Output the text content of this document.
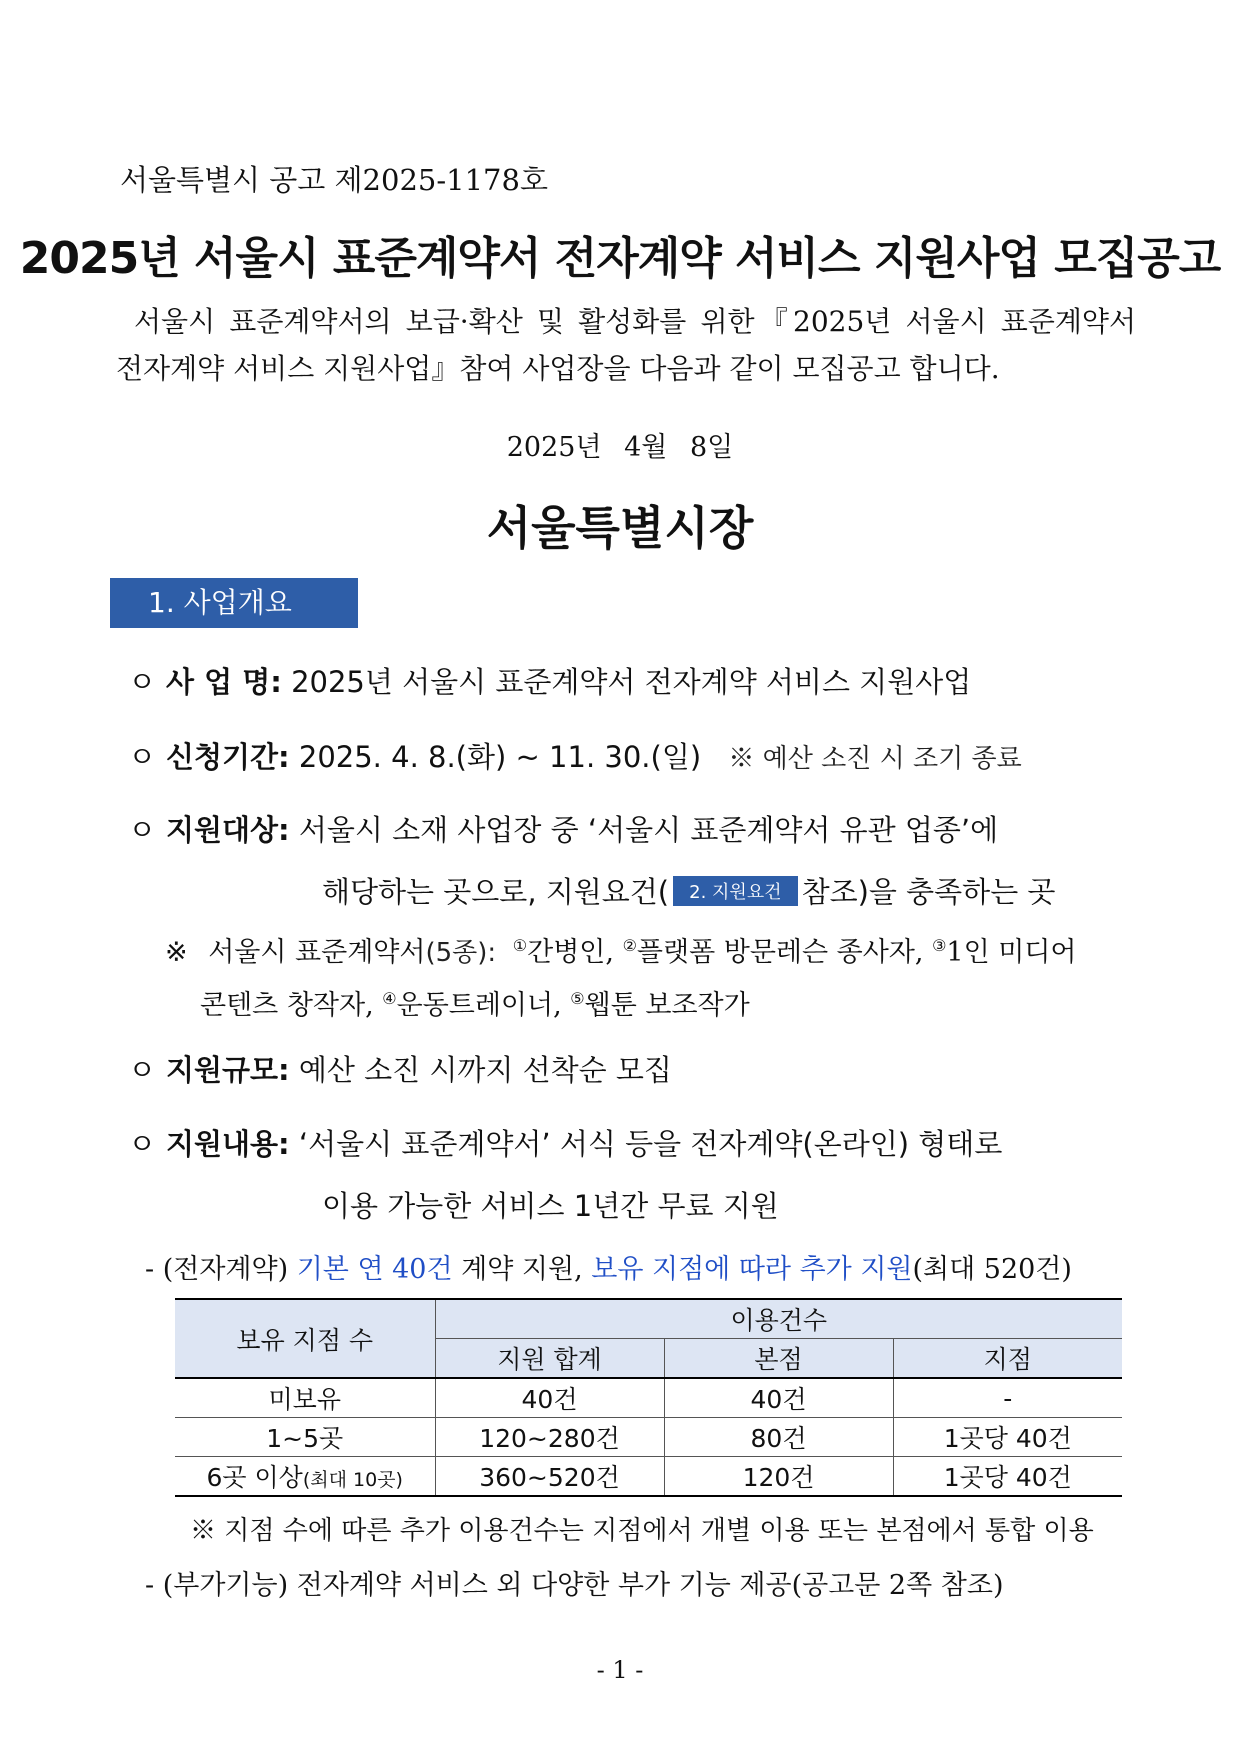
서울특별시 공고 제2025-1178호
2025년 서울시 표준계약서 전자계약 서비스 지원사업 모집공고

서울시 표준계약서의 보급·확산 및 활성화를 위한『2025년 서울시 표준계약서

전자계약 서비스 지원사업』참여 사업장을 다음과 같이 모집공고 합니다.

2025년 4월 8일
서울특별시장
1. 사업개요
ㅇ 사 업 명: 2025년 서울시 표준계약서 전자계약 서비스 지원사업
ㅇ 신청기간: 2025. 4. 8.(화) ~ 11. 30.(일) ※ 예산 소진 시 조기 종료
ㅇ 지원대상: 서울시 소재 사업장 중 ‘서울시 표준계약서 유관 업종’에
해당하는 곳으로, 지원요건( 2. 지원요건 참조)을 충족하는 곳
※ 서울시 표준계약서(5종): ①간병인, ②플랫폼 방문레슨 종사자, ③1인 미디어
콘텐츠 창작자, ④운동트레이너, ⑤웹툰 보조작가
ㅇ 지원규모: 예산 소진 시까지 선착순 모집
ㅇ 지원내용: ‘서울시 표준계약서’ 서식 등을 전자계약(온라인) 형태로
이용 가능한 서비스 1년간 무료 지원
- (전자계약) 기본 연 40건 계약 지원, 보유 지점에 따라 추가 지원(최대 520건)
보유 지점 수	이용건수		
	지원 합계	본점	지점
미보유	40건	40건	-
1~5곳	120~280건	80건	1곳당 40건
6곳 이상(최대 10곳)	360~520건	120건	1곳당 40건
※ 지점 수에 따른 추가 이용건수는 지점에서 개별 이용 또는 본점에서 통합 이용
- (부가기능) 전자계약 서비스 외 다양한 부가 기능 제공(공고문 2쪽 참조)
- 1 -
